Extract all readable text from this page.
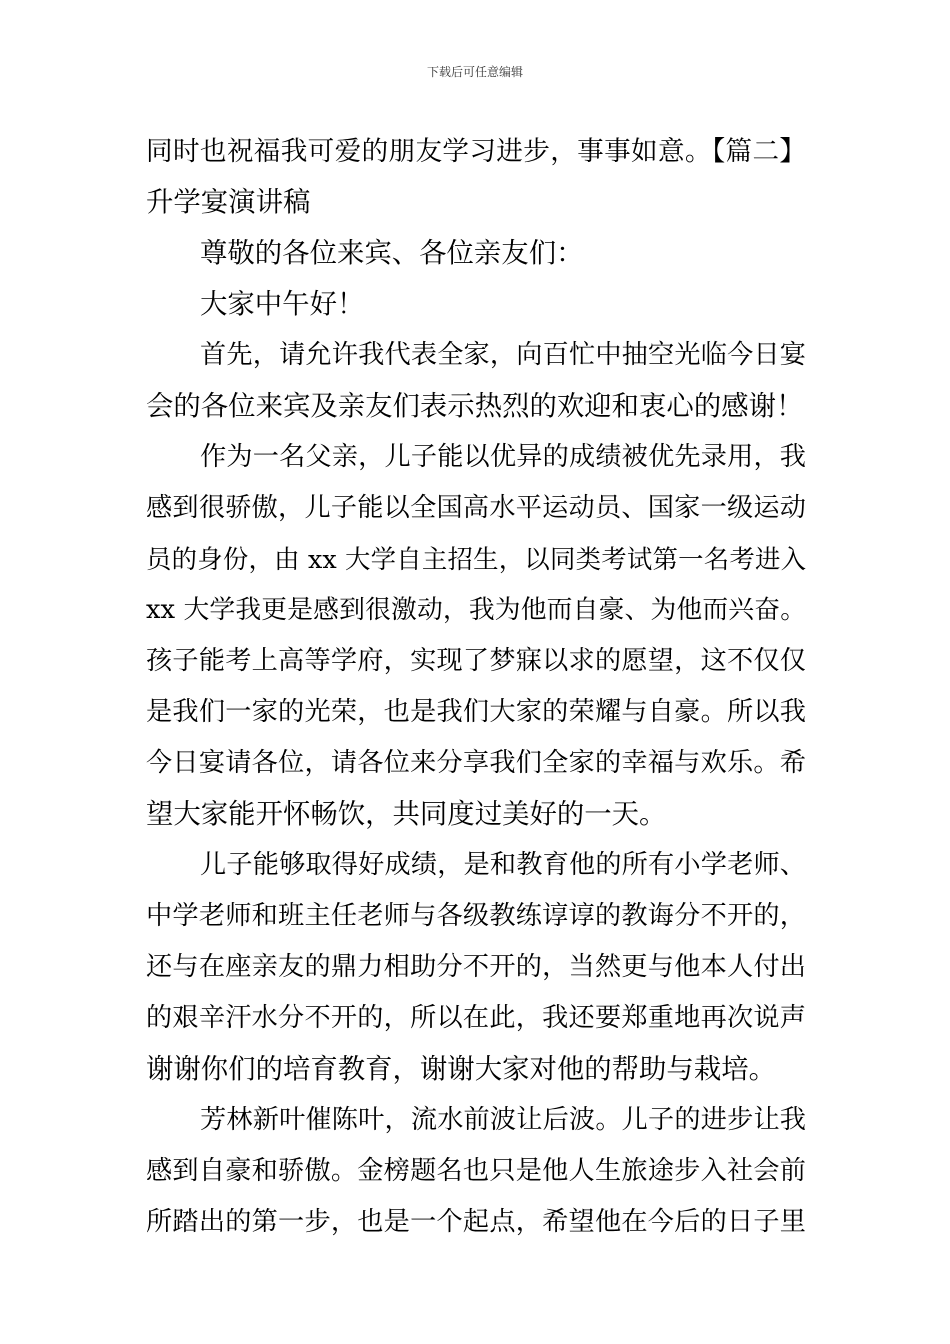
下载后可任意编辑
同时也祝福我可爱的朋友学习进步，事事如意。【篇二】
升学宴演讲稿
尊敬的各位来宾、各位亲友们：
大家中午好！
首先，请允许我代表全家，向百忙中抽空光临今日宴
会的各位来宾及亲友们表示热烈的欢迎和衷心的感谢！
作为一名父亲，儿子能以优异的成绩被优先录用，我
感到很骄傲，儿子能以全国高水平运动员、国家一级运动
员的身份，由 xx 大学自主招生，以同类考试第一名考进入
xx 大学我更是感到很激动，我为他而自豪、为他而兴奋。
孩子能考上高等学府，实现了梦寐以求的愿望，这不仅仅
是我们一家的光荣，也是我们大家的荣耀与自豪。所以我
今日宴请各位，请各位来分享我们全家的幸福与欢乐。希
望大家能开怀畅饮，共同度过美好的一天。
儿子能够取得好成绩，是和教育他的所有小学老师、
中学老师和班主任老师与各级教练谆谆的教诲分不开的，
还与在座亲友的鼎力相助分不开的，当然更与他本人付出
的艰辛汗水分不开的，所以在此，我还要郑重地再次说声
谢谢你们的培育教育，谢谢大家对他的帮助与栽培。
芳林新叶催陈叶，流水前波让后波。儿子的进步让我
感到自豪和骄傲。金榜题名也只是他人生旅途步入社会前
所踏出的第一步，也是一个起点，希望他在今后的日子里
